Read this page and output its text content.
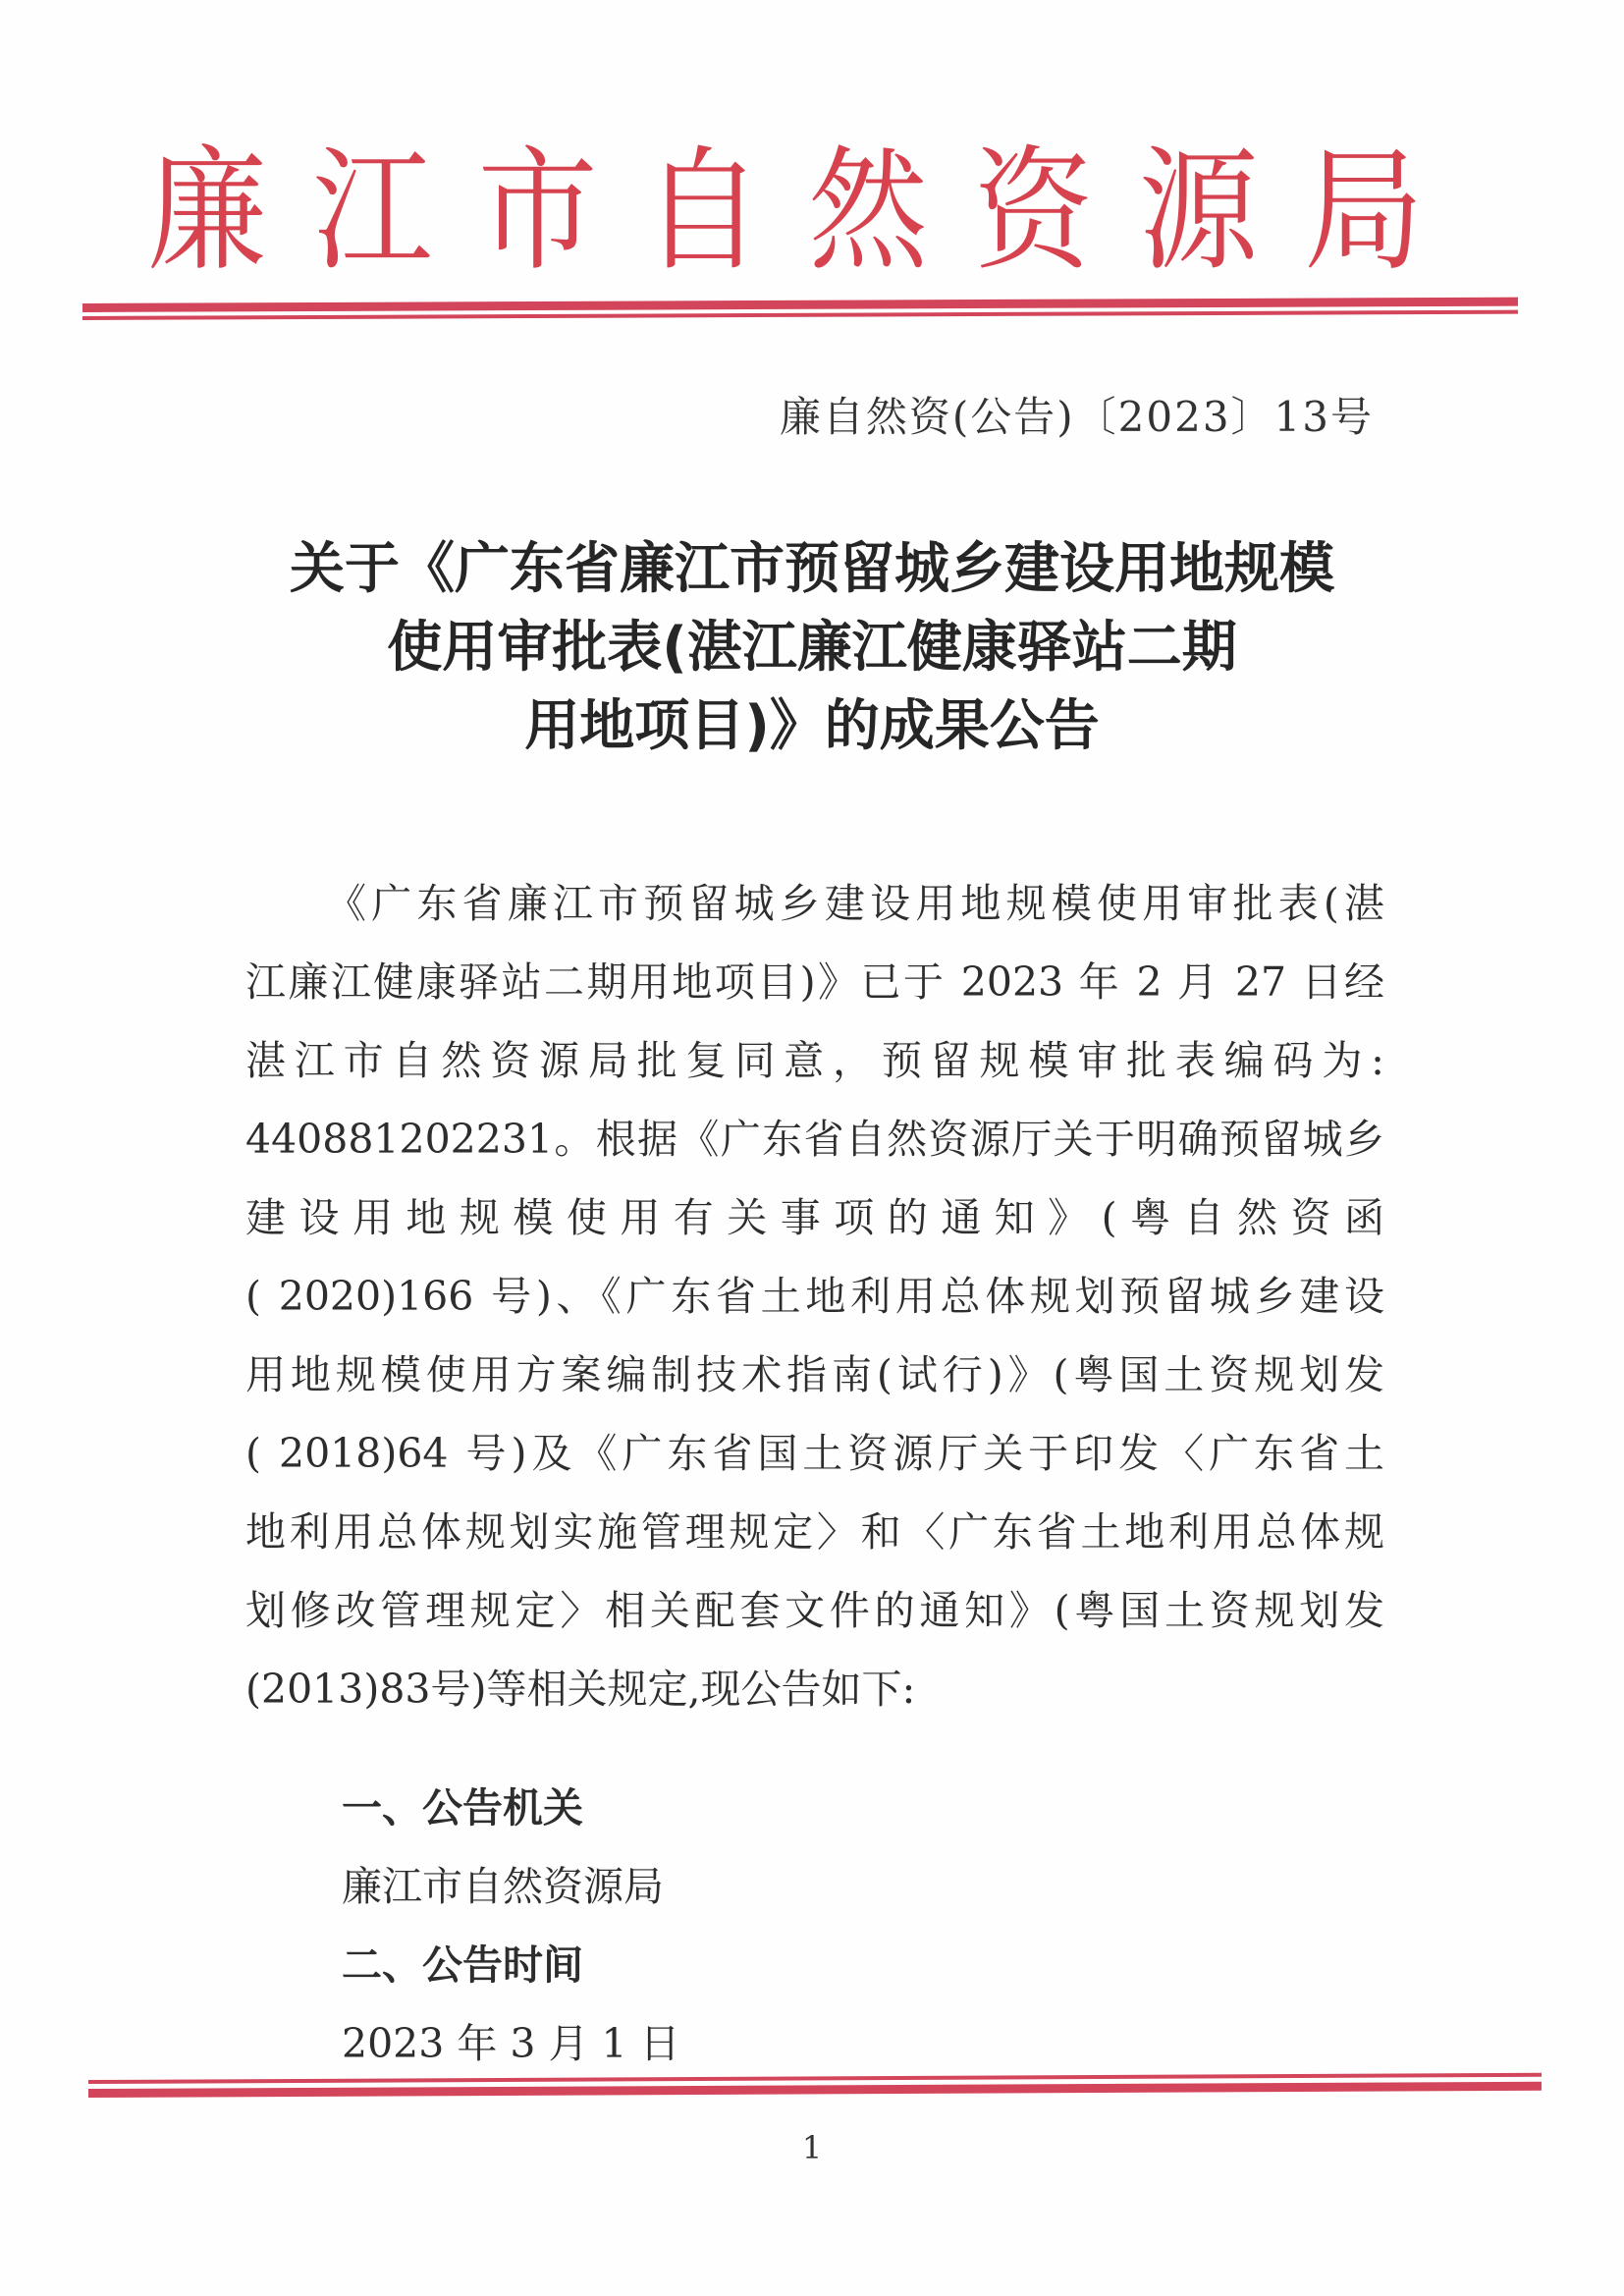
廉 江 市 自 然 资 源 局
廉自然资(公告)〔2023〕13号
关于《广东省廉江市预留城乡建设用地规模
使用审批表(湛江廉江健康驿站二期
用地项目)》的成果公告

《广东省廉江市预留城乡建设用地规模使用审批表(湛

江廉江健康驿站二期用地项目)》已于 2023 年 2 月 27 日经

湛江市自然资源局批复同意，预留规模审批表编码为:

440881202231。根据《广东省自然资源厅关于明确预留城乡

建设用地规模使用有关事项的通知》(粤自然资函

( 2020)166 号)、《广东省土地利用总体规划预留城乡建设

用地规模使用方案编制技术指南(试行)》(粤国土资规划发

( 2018)64 号)及《广东省国土资源厅关于印发〈广东省土

地利用总体规划实施管理规定〉和〈广东省土地利用总体规

划修改管理规定〉相关配套文件的通知》(粤国土资规划发

(2013)83号)等相关规定,现公告如下:

一、公告机关
廉江市自然资源局
二、公告时间
2023 年 3 月 1 日
1
